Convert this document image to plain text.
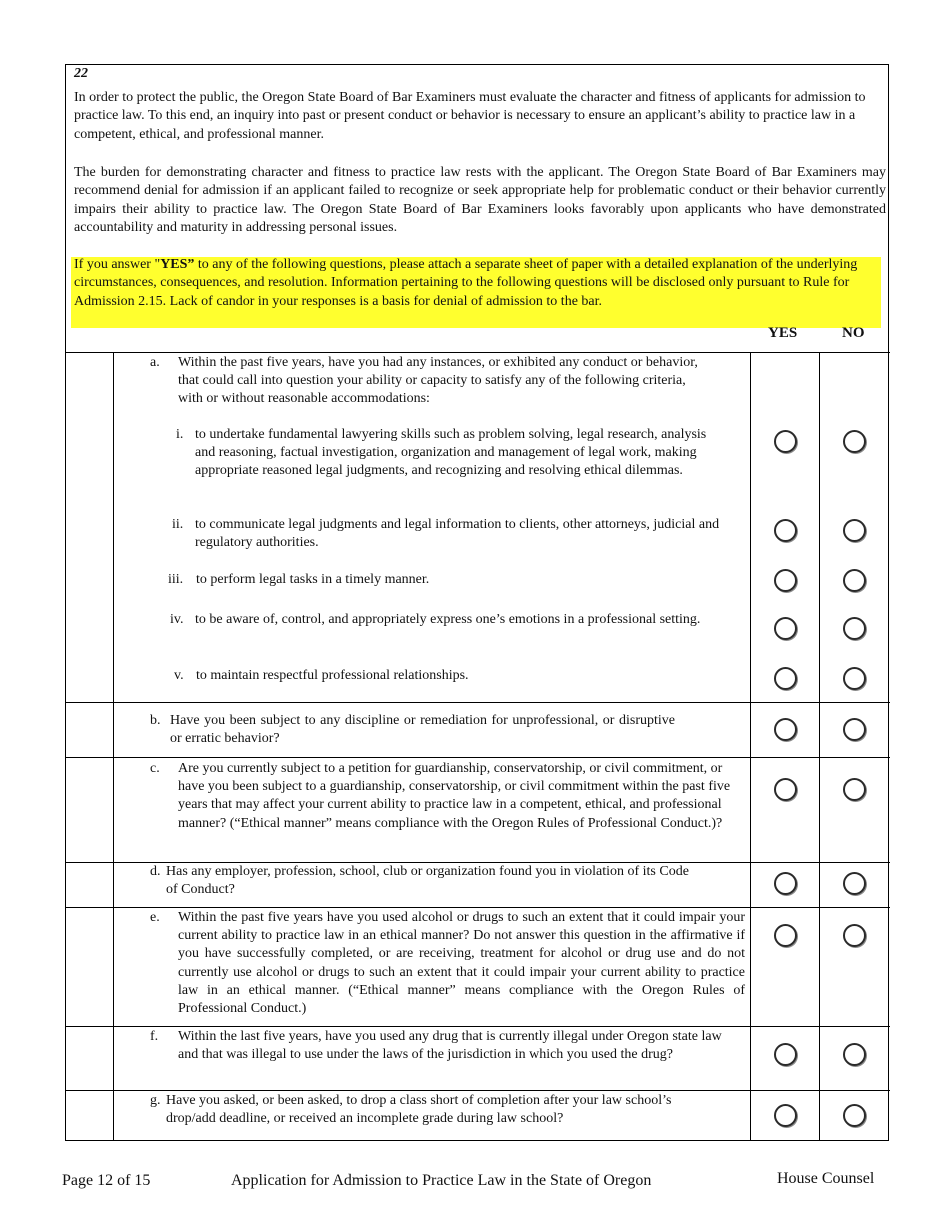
22

In order to protect the public, the Oregon State Board of Bar Examiners must evaluate the character and fitness of applicants for admission to practice law. To this end, an inquiry into past or present conduct or behavior is necessary to ensure an applicant’s ability to practice law in a competent, ethical, and professional manner.

The burden for demonstrating character and fitness to practice law rests with the applicant. The Oregon State Board of Bar Examiners may recommend denial for admission if an applicant failed to recognize or seek appropriate help for problematic conduct or their behavior currently impairs their ability to practice law. The Oregon State Board of Bar Examiners looks favorably upon applicants who have demonstrated accountability and maturity in addressing personal issues.

If you answer "YES” to any of the following questions, please attach a separate sheet of paper with a detailed explanation of the underlying circumstances, consequences, and resolution. Information pertaining to the following questions will be disclosed only pursuant to Rule for Admission 2.15. Lack of candor in your responses is a basis for denial of admission to the bar.

YES	NO
a.	Within the past five years, have you had any instances, or exhibited any conduct or behavior, that could call into question your ability or capacity to satisfy any of the following criteria, with or without reasonable accommodations:
i. to undertake fundamental lawyering skills such as problem solving, legal research, analysis and reasoning, factual investigation, organization and management of legal work, making appropriate reasoned legal judgments, and recognizing and resolving ethical dilemmas.
ii. to communicate legal judgments and legal information to clients, other attorneys, judicial and regulatory authorities.
iii. to perform legal tasks in a timely manner.
iv. to be aware of, control, and appropriately express one’s emotions in a professional setting.
v. to maintain respectful professional relationships.
b. Have you been subject to any discipline or remediation for unprofessional, or disruptive or erratic behavior?
c.	Are you currently subject to a petition for guardianship, conservatorship, or civil commitment, or have you been subject to a guardianship, conservatorship, or civil commitment within the past five years that may affect your current ability to practice law in a competent, ethical, and professional manner? (“Ethical manner” means compliance with the Oregon Rules of Professional Conduct.)?
d. Has any employer, profession, school, club or organization found you in violation of its Code of Conduct?
e.	Within the past five years have you used alcohol or drugs to such an extent that it could impair your current ability to practice law in an ethical manner? Do not answer this question in the affirmative if you have successfully completed, or are receiving, treatment for alcohol or drug use and do not currently use alcohol or drugs to such an extent that it could impair your current ability to practice law in an ethical manner. (“Ethical manner” means compliance with the Oregon Rules of Professional Conduct.)
f.	Within the last five years, have you used any drug that is currently illegal under Oregon state law and that was illegal to use under the laws of the jurisdiction in which you used the drug?
g. Have you asked, or been asked, to drop a class short of completion after your law school’s drop/add deadline, or received an incomplete grade during law school?
Page 12 of 15	Application for Admission to Practice Law in the State of Oregon	House Counsel
